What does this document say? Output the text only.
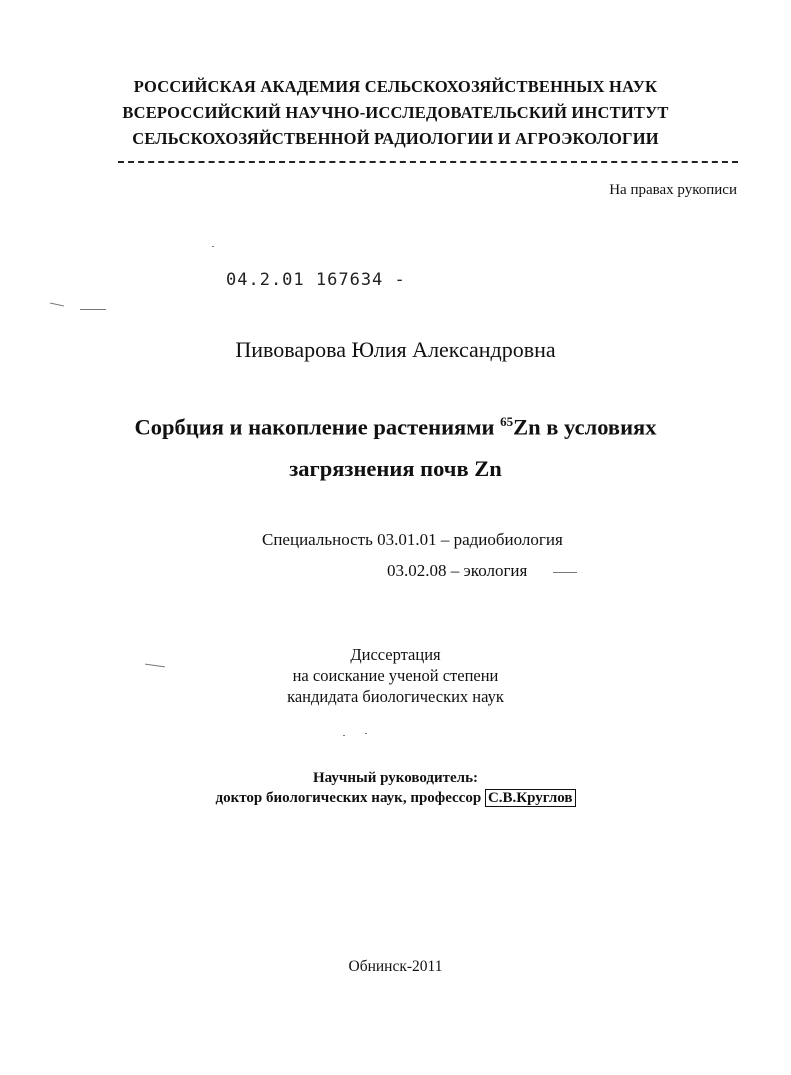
РОССИЙСКАЯ АКАДЕМИЯ СЕЛЬСКОХОЗЯЙСТВЕННЫХ НАУК
ВСЕРОССИЙСКИЙ НАУЧНО-ИССЛЕДОВАТЕЛЬСКИЙ ИНСТИТУТ
СЕЛЬСКОХОЗЯЙСТВЕННОЙ РАДИОЛОГИИ И АГРОЭКОЛОГИИ
На правах рукописи
04.2.01 167634 -
Пивоварова Юлия Александровна
Сорбция и накопление растениями $^{65}$Zn в условиях
загрязнения почв Zn
Специальность 03.01.01 – радиобиология
03.02.08 – экология
Диссертация
на соискание ученой степени
кандидата биологических наук
Научный руководитель:
доктор биологических наук, профессор С.В.Круглов
Обнинск-2011
